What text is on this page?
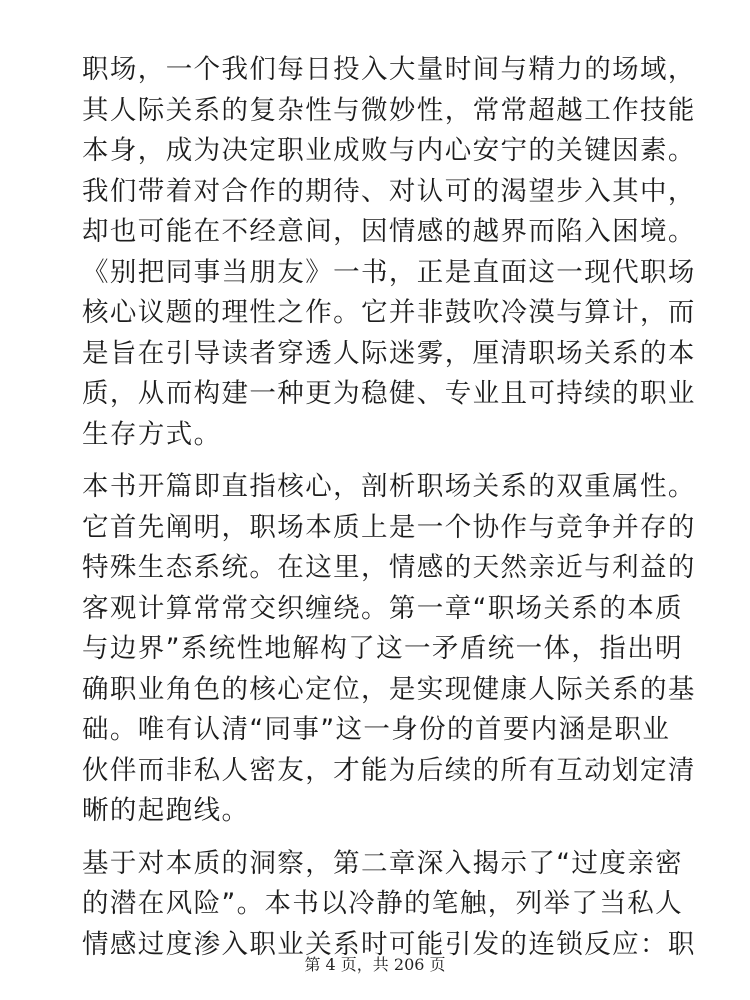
职场，一个我们每日投入大量时间与精力的场域，
其人际关系的复杂性与微妙性，常常超越工作技能
本身，成为决定职业成败与内心安宁的关键因素。
我们带着对合作的期待、对认可的渴望步入其中，
却也可能在不经意间，因情感的越界而陷入困境。
《别把同事当朋友》一书，正是直面这一现代职场
核心议题的理性之作。它并非鼓吹冷漠与算计，而
是旨在引导读者穿透人际迷雾，厘清职场关系的本
质，从而构建一种更为稳健、专业且可持续的职业
生存方式。

本书开篇即直指核心，剖析职场关系的双重属性。
它首先阐明，职场本质上是一个协作与竞争并存的
特殊生态系统。在这里，情感的天然亲近与利益的
客观计算常常交织缠绕。第一章“职场关系的本质
与边界”系统性地解构了这一矛盾统一体，指出明
确职业角色的核心定位，是实现健康人际关系的基
础。唯有认清“同事”这一身份的首要内涵是职业
伙伴而非私人密友，才能为后续的所有互动划定清
晰的起跑线。

基于对本质的洞察，第二章深入揭示了“过度亲密
的潜在风险”。本书以冷静的笔触，列举了当私人
情感过度渗入职业关系时可能引发的连锁反应：职

第 4 页，共 206 页
